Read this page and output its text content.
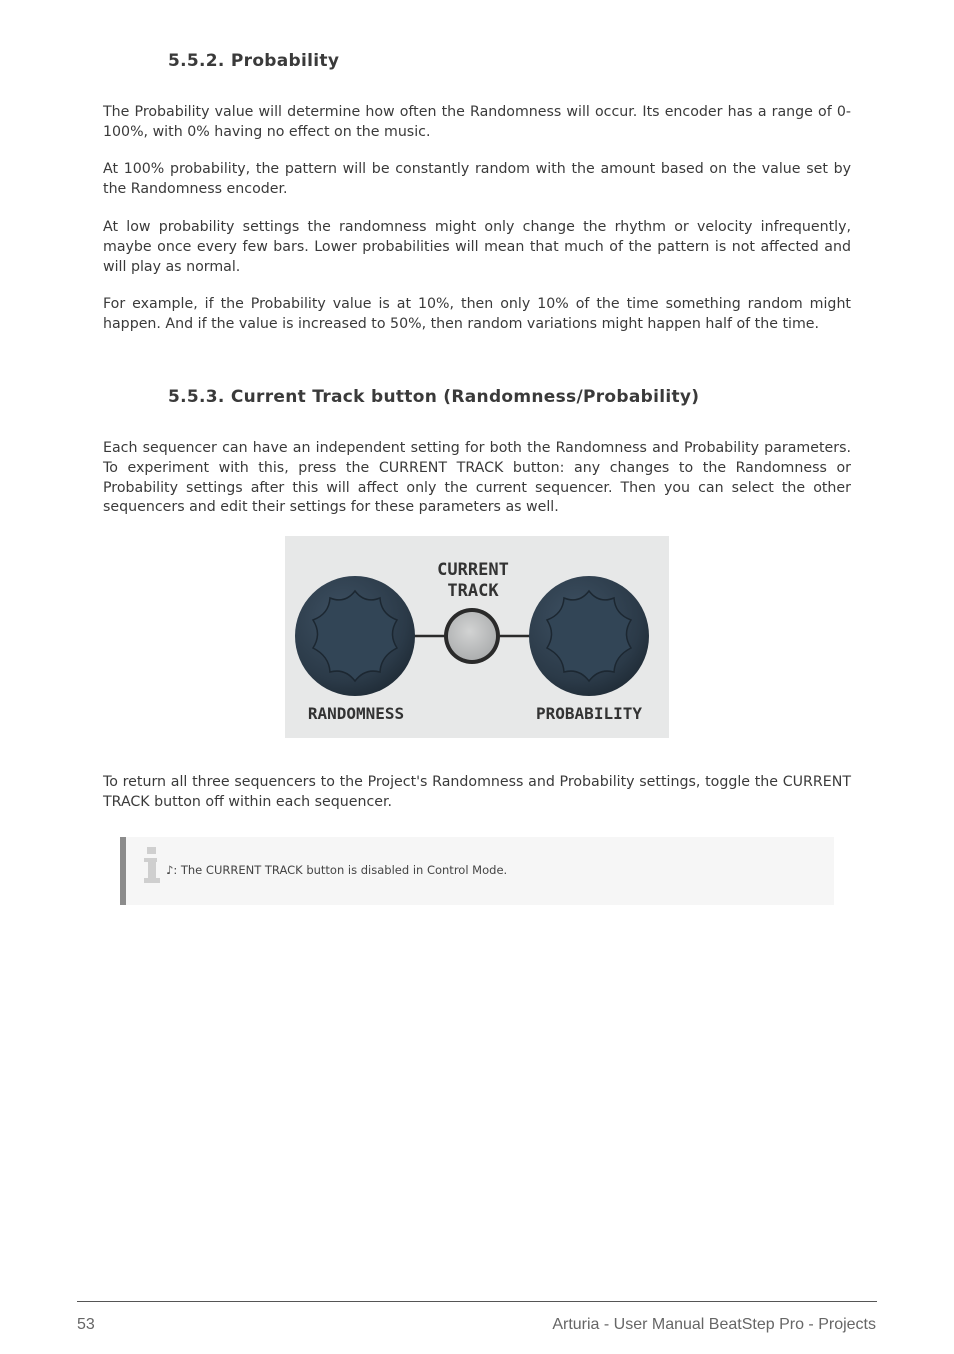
5.5.2. Probability

The Probability value will determine how often the Randomness will occur. Its encoder has a range of 0-100%, with 0% having no effect on the music.

At 100% probability, the pattern will be constantly random with the amount based on the value set by the Randomness encoder.

At low probability settings the randomness might only change the rhythm or velocity infrequently, maybe once every few bars. Lower probabilities will mean that much of the pattern is not affected and will play as normal.

For example, if the Probability value is at 10%, then only 10% of the time something random might happen. And if the value is increased to 50%, then random variations might happen half of the time.

5.5.3. Current Track button (Randomness/Probability)

Each sequencer can have an independent setting for both the Randomness and Probability parameters. To experiment with this, press the CURRENT TRACK button: any changes to the Randomness or Probability settings after this will affect only the current sequencer. Then you can select the other sequencers and edit their settings for these parameters as well.

CURRENT
TRACK
RANDOMNESS	PROBABILITY

To return all three sequencers to the Project's Randomness and Probability settings, toggle the CURRENT TRACK button off within each sequencer.

♪: The CURRENT TRACK button is disabled in Control Mode.
53	Arturia - User Manual BeatStep Pro - Projects
